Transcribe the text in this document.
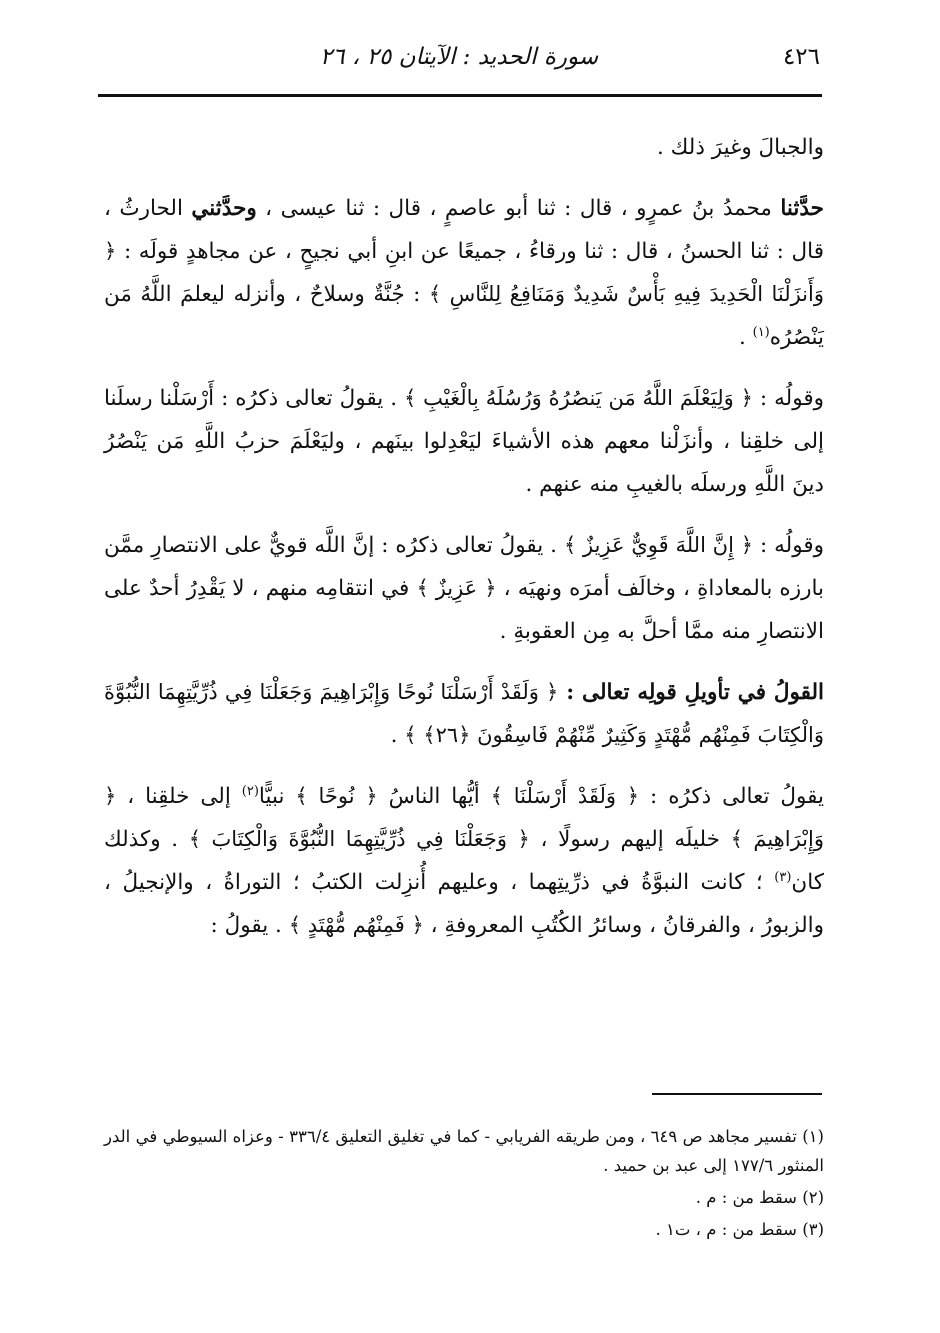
٤٢٦
سورة الحديد : الآيتان ٢٥ ، ٢٦

والجبالَ وغيرَ ذلك .

حدَّثنا محمدُ بنُ عمرٍو ، قال : ثنا أبو عاصمٍ ، قال : ثنا عيسى ، وحدَّثني الحارثُ ، قال : ثنا الحسنُ ، قال : ثنا ورقاءُ ، جميعًا عن ابنِ أبي نجيحٍ ، عن مجاهدٍ قولَه : ﴿ وَأَنزَلْنَا الْحَدِيدَ فِيهِ بَأْسٌ شَدِيدٌ وَمَنَافِعُ لِلنَّاسِ ﴾ : جُنَّةٌ وسلاحٌ ، وأنزله ليعلمَ اللَّهُ مَن يَنْصُرُه$^{(١)}$ .

وقولُه : ﴿ وَلِيَعْلَمَ اللَّهُ مَن يَنصُرُهُ وَرُسُلَهُ بِالْغَيْبِ ﴾ . يقولُ تعالى ذكرُه : أَرْسَلْنا رسلَنا إلى خلقِنا ، وأنزَلْنا معهم هذه الأشياءَ ليَعْدِلوا بينَهم ، وليَعْلَمَ حزبُ اللَّهِ مَن يَنْصُرُ دينَ اللَّهِ ورسلَه بالغيبِ منه عنهم .

وقولُه : ﴿ إِنَّ اللَّهَ قَوِيٌّ عَزِيزٌ ﴾ . يقولُ تعالى ذكرُه : إنَّ اللَّه قويٌّ على الانتصارِ ممَّن بارزه بالمعاداةِ ، وخالَف أمرَه ونهيَه ، ﴿ عَزِيزٌ ﴾ في انتقامِه منهم ، لا يَقْدِرُ أحدٌ على الانتصارِ منه ممَّا أحلَّ به مِن العقوبةِ .

القولُ في تأويلِ قولِه تعالى : ﴿ وَلَقَدْ أَرْسَلْنَا نُوحًا وَإِبْرَاهِيمَ وَجَعَلْنَا فِي ذُرِّيَّتِهِمَا النُّبُوَّةَ وَالْكِتَابَ فَمِنْهُم مُّهْتَدٍ وَكَثِيرٌ مِّنْهُمْ فَاسِقُونَ ﴿٢٦﴾ ﴾ .

يقولُ تعالى ذكرُه : ﴿ وَلَقَدْ أَرْسَلْنَا ﴾ أيُّها الناسُ ﴿ نُوحًا ﴾ نبيًّا$^{(٢)}$ إلى خلقِنا ، ﴿ وَإِبْرَاهِيمَ ﴾ خليلَه إليهم رسولًا ، ﴿ وَجَعَلْنَا فِي ذُرِّيَّتِهِمَا النُّبُوَّةَ وَالْكِتَابَ ﴾ . وكذلك كان$^{(٣)}$ ؛ كانت النبوَّةُ في ذرِّيتِهما ، وعليهم أُنزِلت الكتبُ ؛ التوراةُ ، والإنجيلُ ، والزبورُ ، والفرقانُ ، وسائرُ الكُتُبِ المعروفةِ ، ﴿ فَمِنْهُم مُّهْتَدٍ ﴾ . يقولُ :

(١) تفسير مجاهد ص ٦٤٩ ، ومن طريقه الفريابي - كما في تغليق التعليق ٣٣٦/٤ - وعزاه السيوطي في الدر المنثور ١٧٧/٦ إلى عبد بن حميد .

(٢) سقط من : م .

(٣) سقط من : م ، ت١ .
